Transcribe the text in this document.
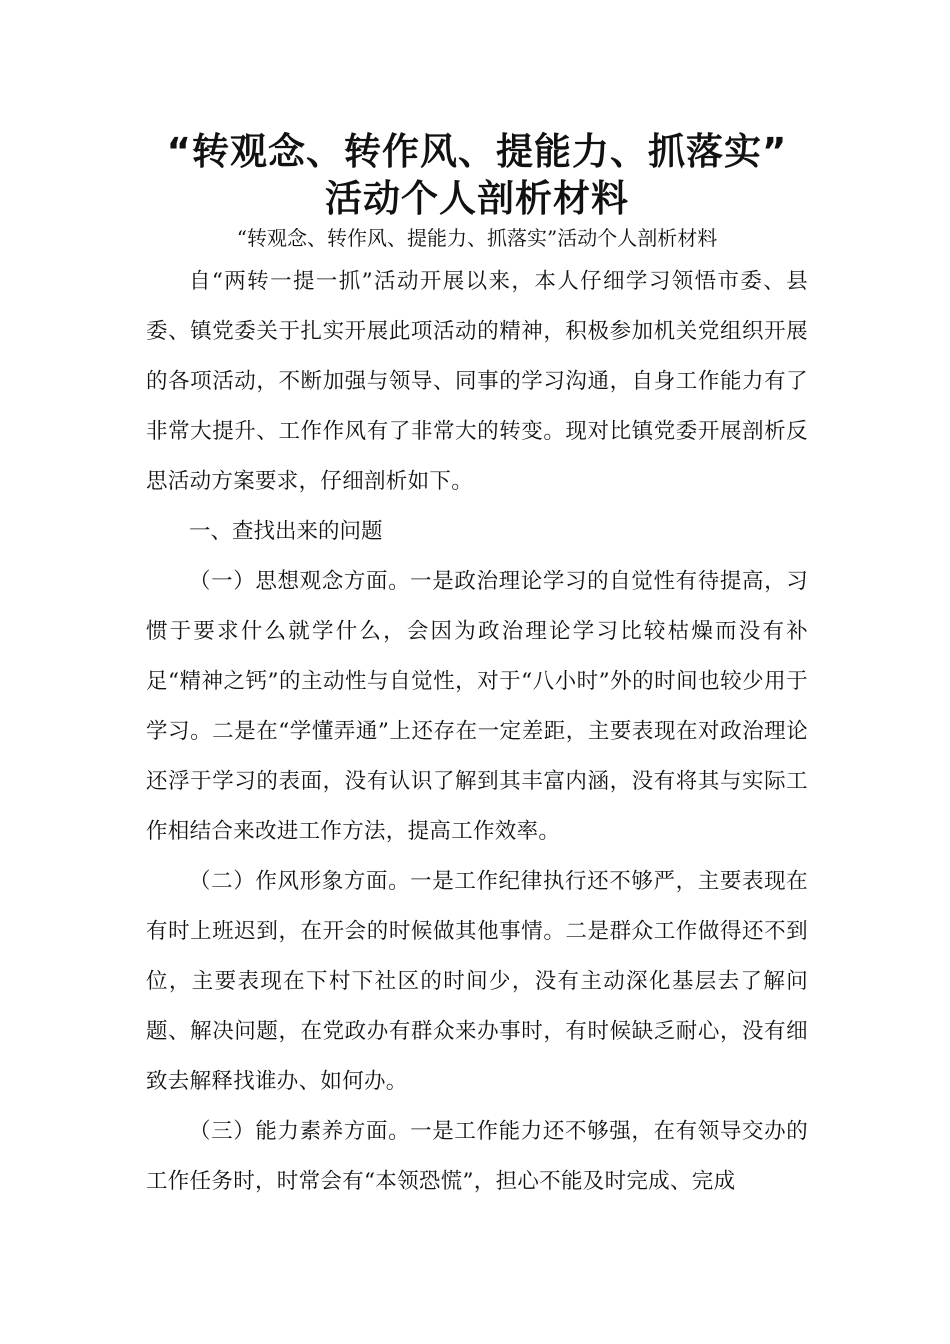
“转观念、转作风、提能力、抓落实”
活动个人剖析材料

“转观念、转作风、提能力、抓落实”活动个人剖析材料

自“两转一提一抓”活动开展以来，本人仔细学习领悟市委、县委、镇党委关于扎实开展此项活动的精神，积极参加机关党组织开展的各项活动，不断加强与领导、同事的学习沟通，自身工作能力有了非常大提升、工作作风有了非常大的转变。现对比镇党委开展剖析反思活动方案要求，仔细剖析如下。

一、查找出来的问题

（一）思想观念方面。一是政治理论学习的自觉性有待提高，习惯于要求什么就学什么，会因为政治理论学习比较枯燥而没有补足“精神之钙”的主动性与自觉性，对于“八小时”外的时间也较少用于学习。二是在“学懂弄通”上还存在一定差距，主要表现在对政治理论还浮于学习的表面，没有认识了解到其丰富内涵，没有将其与实际工作相结合来改进工作方法，提高工作效率。

（二）作风形象方面。一是工作纪律执行还不够严，主要表现在有时上班迟到，在开会的时候做其他事情。二是群众工作做得还不到位，主要表现在下村下社区的时间少，没有主动深化基层去了解问题、解决问题，在党政办有群众来办事时，有时候缺乏耐心，没有细致去解释找谁办、如何办。

（三）能力素养方面。一是工作能力还不够强，在有领导交办的工作任务时，时常会有“本领恐慌”，担心不能及时完成、完成
